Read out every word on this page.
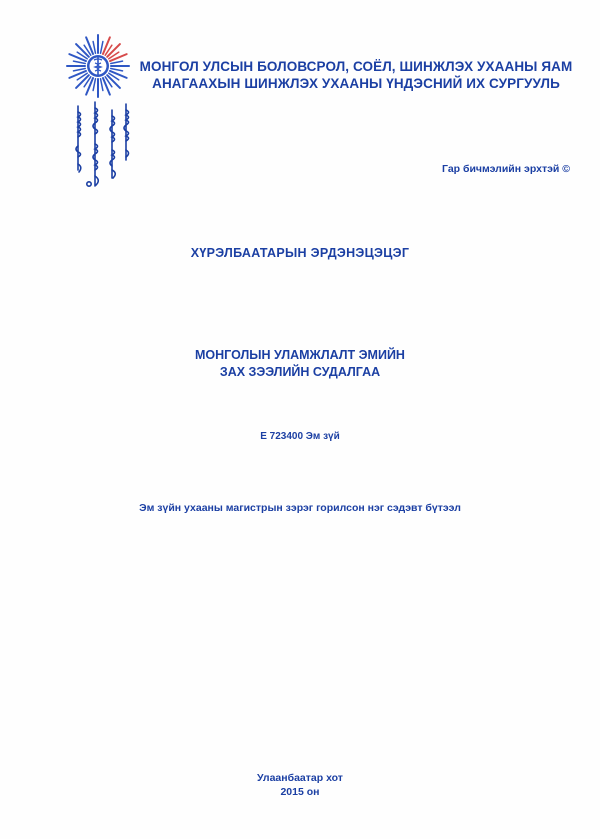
МОНГОЛ УЛСЫН БОЛОВСРОЛ, СОЁЛ, ШИНЖЛЭХ УХААНЫ ЯАМ
АНАГААХЫН ШИНЖЛЭХ УХААНЫ ҮНДЭСНИЙ ИХ СУРГУУЛЬ
Гар бичмэлийн эрхтэй ©
ХҮРЭЛБААТАРЫН ЭРДЭНЭЦЭЦЭГ
МОНГОЛЫН УЛАМЖЛАЛТ ЭМИЙН
ЗАХ ЗЭЭЛИЙН СУДАЛГАА
Е 723400 Эм зүй
Эм зүйн ухааны магистрын зэрэг горилсон нэг сэдэвт бүтээл
Улаанбаатар хот
2015 он
